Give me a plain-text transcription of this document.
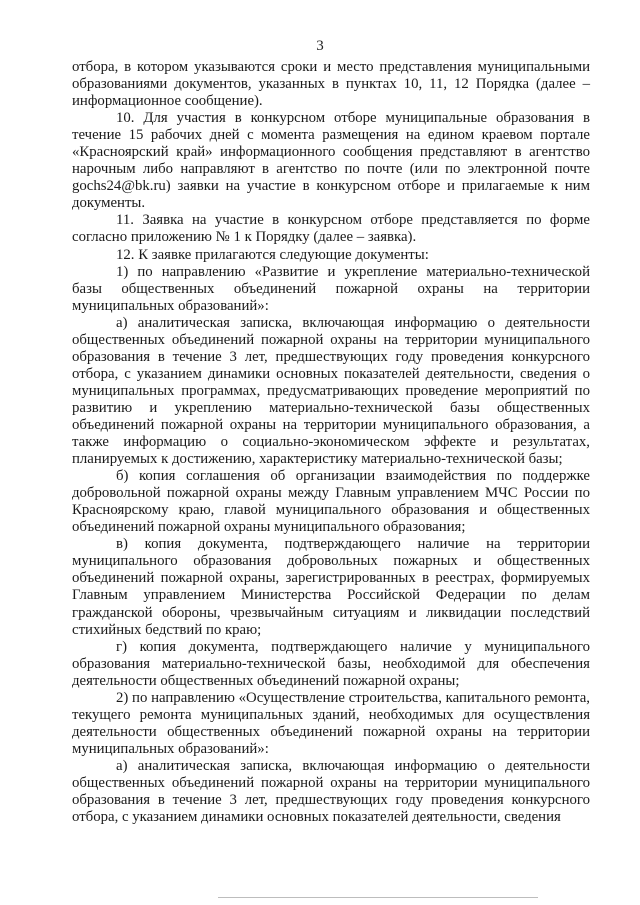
3

отбора, в котором указываются сроки и место представления муниципальными образованиями документов, указанных в пунктах 10, 11, 12 Порядка (далее – информационное сообщение).

10. Для участия в конкурсном отборе муниципальные образования в течение 15 рабочих дней с момента размещения на едином краевом портале «Красноярский край» информационного сообщения представляют в агентство нарочным либо направляют в агентство по почте (или по электронной почте gochs24@bk.ru) заявки на участие в конкурсном отборе и прилагаемые к ним документы.

11. Заявка на участие в конкурсном отборе представляется по форме согласно приложению № 1 к Порядку (далее – заявка).

12. К заявке прилагаются следующие документы:

1) по направлению «Развитие и укрепление материально-технической базы общественных объединений пожарной охраны на территории муниципальных образований»:

а) аналитическая записка, включающая информацию о деятельности общественных объединений пожарной охраны на территории муниципального образования в течение 3 лет, предшествующих году проведения конкурсного отбора, с указанием динамики основных показателей деятельности, сведения о муниципальных программах, предусматривающих проведение мероприятий по развитию и укреплению материально-технической базы общественных объединений пожарной охраны на территории муниципального образования, а также информацию о социально-экономическом эффекте и результатах, планируемых к достижению, характеристику материально-технической базы;

б) копия соглашения об организации взаимодействия по поддержке добровольной пожарной охраны между Главным управлением МЧС России по Красноярскому краю, главой муниципального образования и общественных объединений пожарной охраны муниципального образования;

в) копия документа, подтверждающего наличие на территории муниципального образования добровольных пожарных и общественных объединений пожарной охраны, зарегистрированных в реестрах, формируемых Главным управлением Министерства Российской Федерации по делам гражданской обороны, чрезвычайным ситуациям и ликвидации последствий стихийных бедствий по краю;

г) копия документа, подтверждающего наличие у муниципального образования материально-технической базы, необходимой для обеспечения деятельности общественных объединений пожарной охраны;

2) по направлению «Осуществление строительства, капитального ремонта, текущего ремонта муниципальных зданий, необходимых для осуществления деятельности общественных объединений пожарной охраны на территории муниципальных образований»:

а) аналитическая записка, включающая информацию о деятельности общественных объединений пожарной охраны на территории муниципального образования в течение 3 лет, предшествующих году проведения конкурсного отбора, с указанием динамики основных показателей деятельности, сведения
